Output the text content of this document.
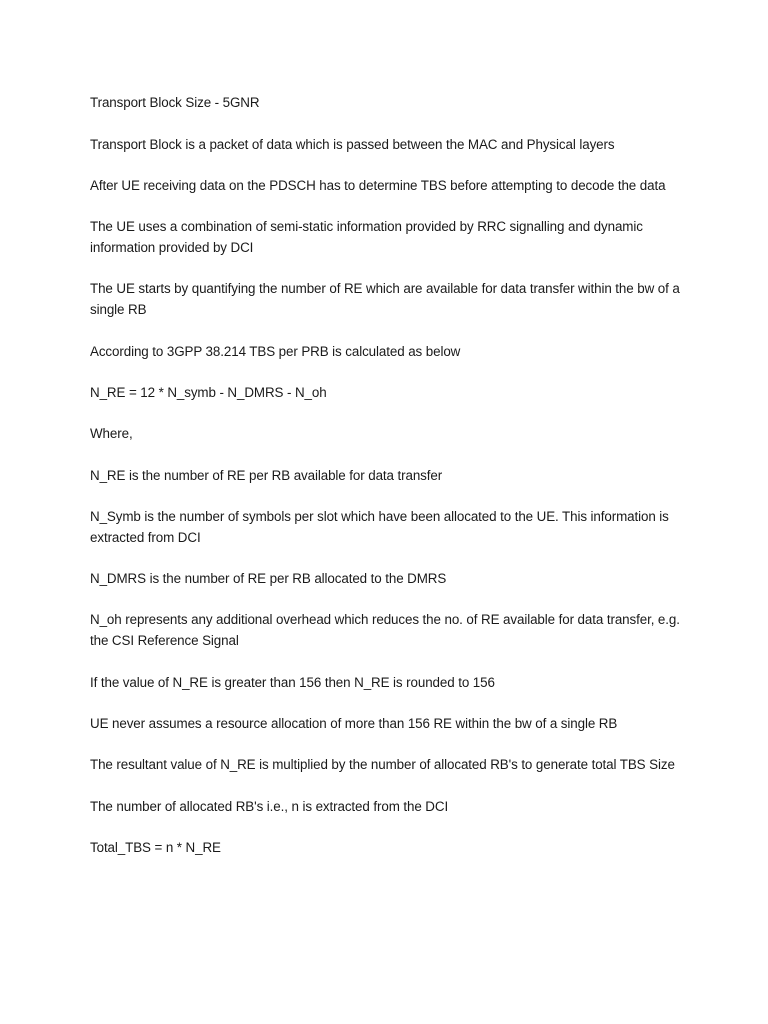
Transport Block Size - 5GNR

Transport Block is a packet of data which is passed between the MAC and Physical layers

After UE receiving data on the PDSCH has to determine TBS before attempting to decode the data

The UE uses a combination of semi-static information provided by RRC signalling and dynamic
information provided by DCI

The UE starts by quantifying the number of RE which are available for data transfer within the bw of a
single RB

According to 3GPP 38.214 TBS per PRB is calculated as below

N_RE = 12 * N_symb - N_DMRS - N_oh

Where,

N_RE is the number of RE per RB available for data transfer

N_Symb is the number of symbols per slot which have been allocated to the UE. This information is
extracted from DCI

N_DMRS is the number of RE per RB allocated to the DMRS

N_oh represents any additional overhead which reduces the no. of RE available for data transfer, e.g.
the CSI Reference Signal

If the value of N_RE is greater than 156 then N_RE is rounded to 156

UE never assumes a resource allocation of more than 156 RE within the bw of a single RB

The resultant value of N_RE is multiplied by the number of allocated RB's to generate total TBS Size

The number of allocated RB's i.e., n is extracted from the DCI

Total_TBS = n * N_RE
